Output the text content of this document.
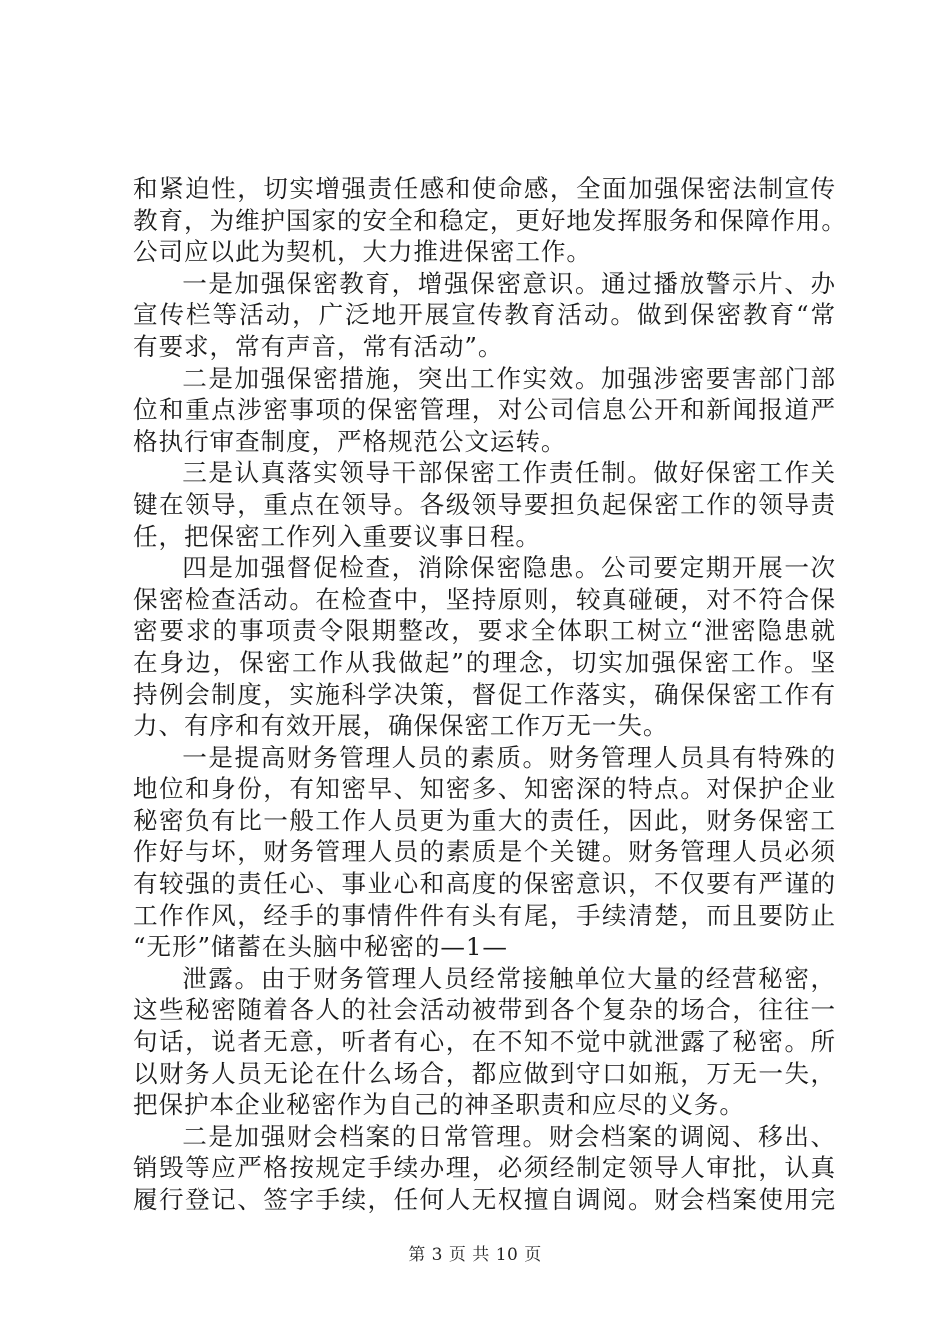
和紧迫性，切实增强责任感和使命感，全面加强保密法制宣传
教育，为维护国家的安全和稳定，更好地发挥服务和保障作用。
公司应以此为契机，大力推进保密工作。
一是加强保密教育，增强保密意识。通过播放警示片、办
宣传栏等活动，广泛地开展宣传教育活动。做到保密教育“常
有要求，常有声音，常有活动”。
二是加强保密措施，突出工作实效。加强涉密要害部门部
位和重点涉密事项的保密管理，对公司信息公开和新闻报道严
格执行审查制度，严格规范公文运转。
三是认真落实领导干部保密工作责任制。做好保密工作关
键在领导，重点在领导。各级领导要担负起保密工作的领导责
任，把保密工作列入重要议事日程。
四是加强督促检查，消除保密隐患。公司要定期开展一次
保密检查活动。在检查中，坚持原则，较真碰硬，对不符合保
密要求的事项责令限期整改，要求全体职工树立“泄密隐患就
在身边，保密工作从我做起”的理念，切实加强保密工作。坚
持例会制度，实施科学决策，督促工作落实，确保保密工作有
力、有序和有效开展，确保保密工作万无一失。
一是提高财务管理人员的素质。财务管理人员具有特殊的
地位和身份，有知密早、知密多、知密深的特点。对保护企业
秘密负有比一般工作人员更为重大的责任，因此，财务保密工
作好与坏，财务管理人员的素质是个关键。财务管理人员必须
有较强的责任心、事业心和高度的保密意识，不仅要有严谨的
工作作风，经手的事情件件有头有尾，手续清楚，而且要防止
“无形”储蓄在头脑中秘密的—1—
泄露。由于财务管理人员经常接触单位大量的经营秘密，
这些秘密随着各人的社会活动被带到各个复杂的场合，往往一
句话，说者无意，听者有心，在不知不觉中就泄露了秘密。所
以财务人员无论在什么场合，都应做到守口如瓶，万无一失，
把保护本企业秘密作为自己的神圣职责和应尽的义务。
二是加强财会档案的日常管理。财会档案的调阅、移出、
销毁等应严格按规定手续办理，必须经制定领导人审批，认真
履行登记、签字手续，任何人无权擅自调阅。财会档案使用完
第 3 页 共 10 页
